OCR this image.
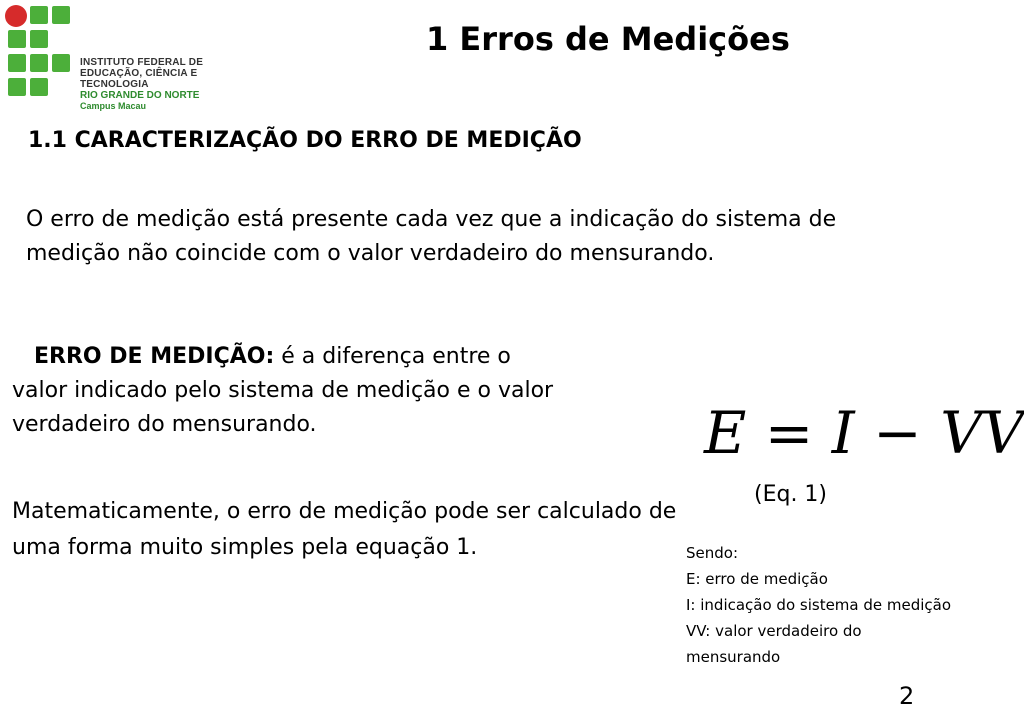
INSTITUTO FEDERAL DE
EDUCAÇÃO, CIÊNCIA E TECNOLOGIA
RIO GRANDE DO NORTE
Campus Macau
1 Erros de Medições
1.1 CARACTERIZAÇÃO DO ERRO DE MEDIÇÃO
O erro de medição está presente cada vez que a indicação do sistema de medição não coincide com o valor verdadeiro do mensurando.
ERRO DE MEDIÇÃO: é a diferença entre o
valor indicado pelo sistema de medição e o valor verdadeiro do mensurando.
Matematicamente, o erro de medição pode ser calculado de uma forma muito simples pela equação 1.
E = I − VV
(Eq. 1)
Sendo:
E: erro de medição
I: indicação do sistema de medição
VV: valor verdadeiro do mensurando
2
